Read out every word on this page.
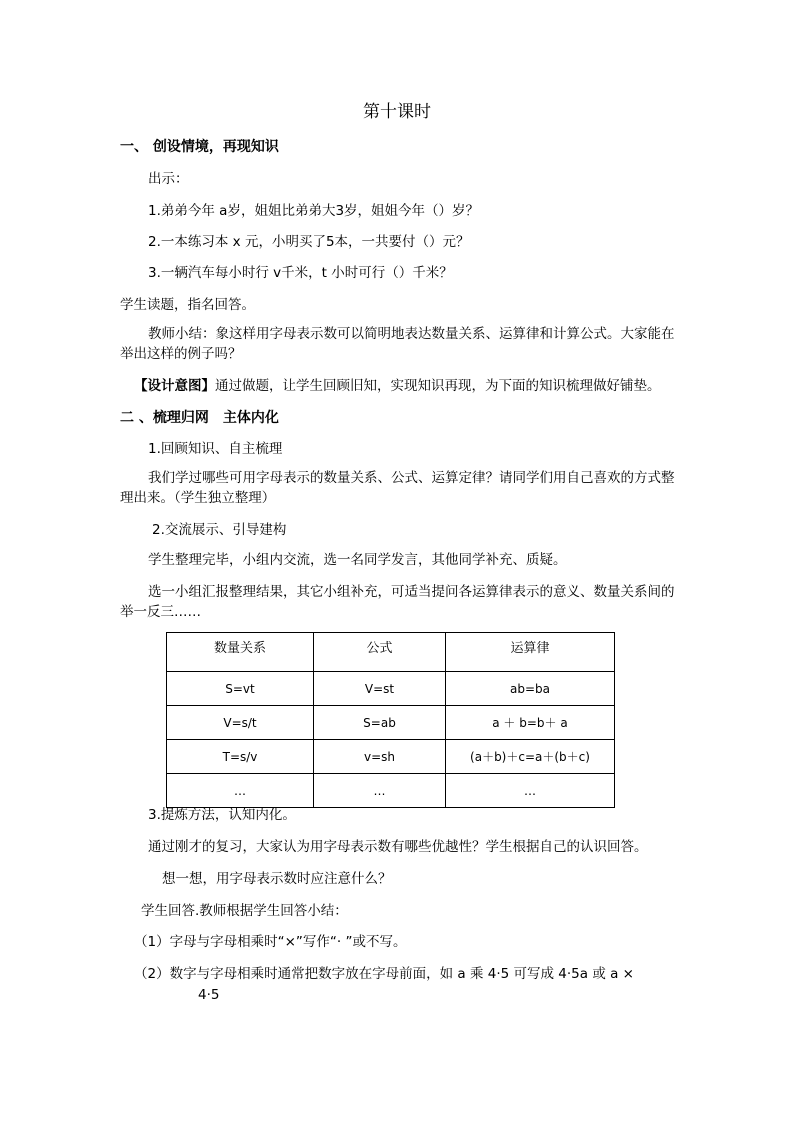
第十课时
一、 创设情境，再现知识
出示：
1.弟弟今年 a岁，姐姐比弟弟大3岁，姐姐今年（）岁？
2.一本练习本 x 元，小明买了5本，一共要付（）元？
3.一辆汽车每小时行 v千米，t 小时可行（）千米？
学生读题，指名回答。
教师小结：象这样用字母表示数可以简明地表达数量关系、运算律和计算公式。大家能在举出这样的例子吗？
【设计意图】通过做题，让学生回顾旧知，实现知识再现，为下面的知识梳理做好铺垫。
二 、梳理归网　主体内化
1.回顾知识、自主梳理
我们学过哪些可用字母表示的数量关系、公式、运算定律？请同学们用自己喜欢的方式整理出来。（学生独立整理）
2.交流展示、引导建构
学生整理完毕，小组内交流，选一名同学发言，其他同学补充、质疑。
选一小组汇报整理结果，其它小组补充，可适当提问各运算律表示的意义、数量关系间的举一反三……
数量关系	公式	运算律
S=vt	V=st	ab=ba
V=s/t	S=ab	a ＋ b=b＋ a
T=s/v	v=sh	(a＋b)＋c=a＋(b＋c)
…	…	…
3.提炼方法，认知内化。
通过刚才的复习，大家认为用字母表示数有哪些优越性？学生根据自己的认识回答。
想一想，用字母表示数时应注意什么？
学生回答.教师根据学生回答小结：
（1）字母与字母相乘时“×”写作“· ”或不写。
（2）数字与字母相乘时通常把数字放在字母前面，如 a 乘 4·5 可写成 4·5a 或 a ×
4·5
